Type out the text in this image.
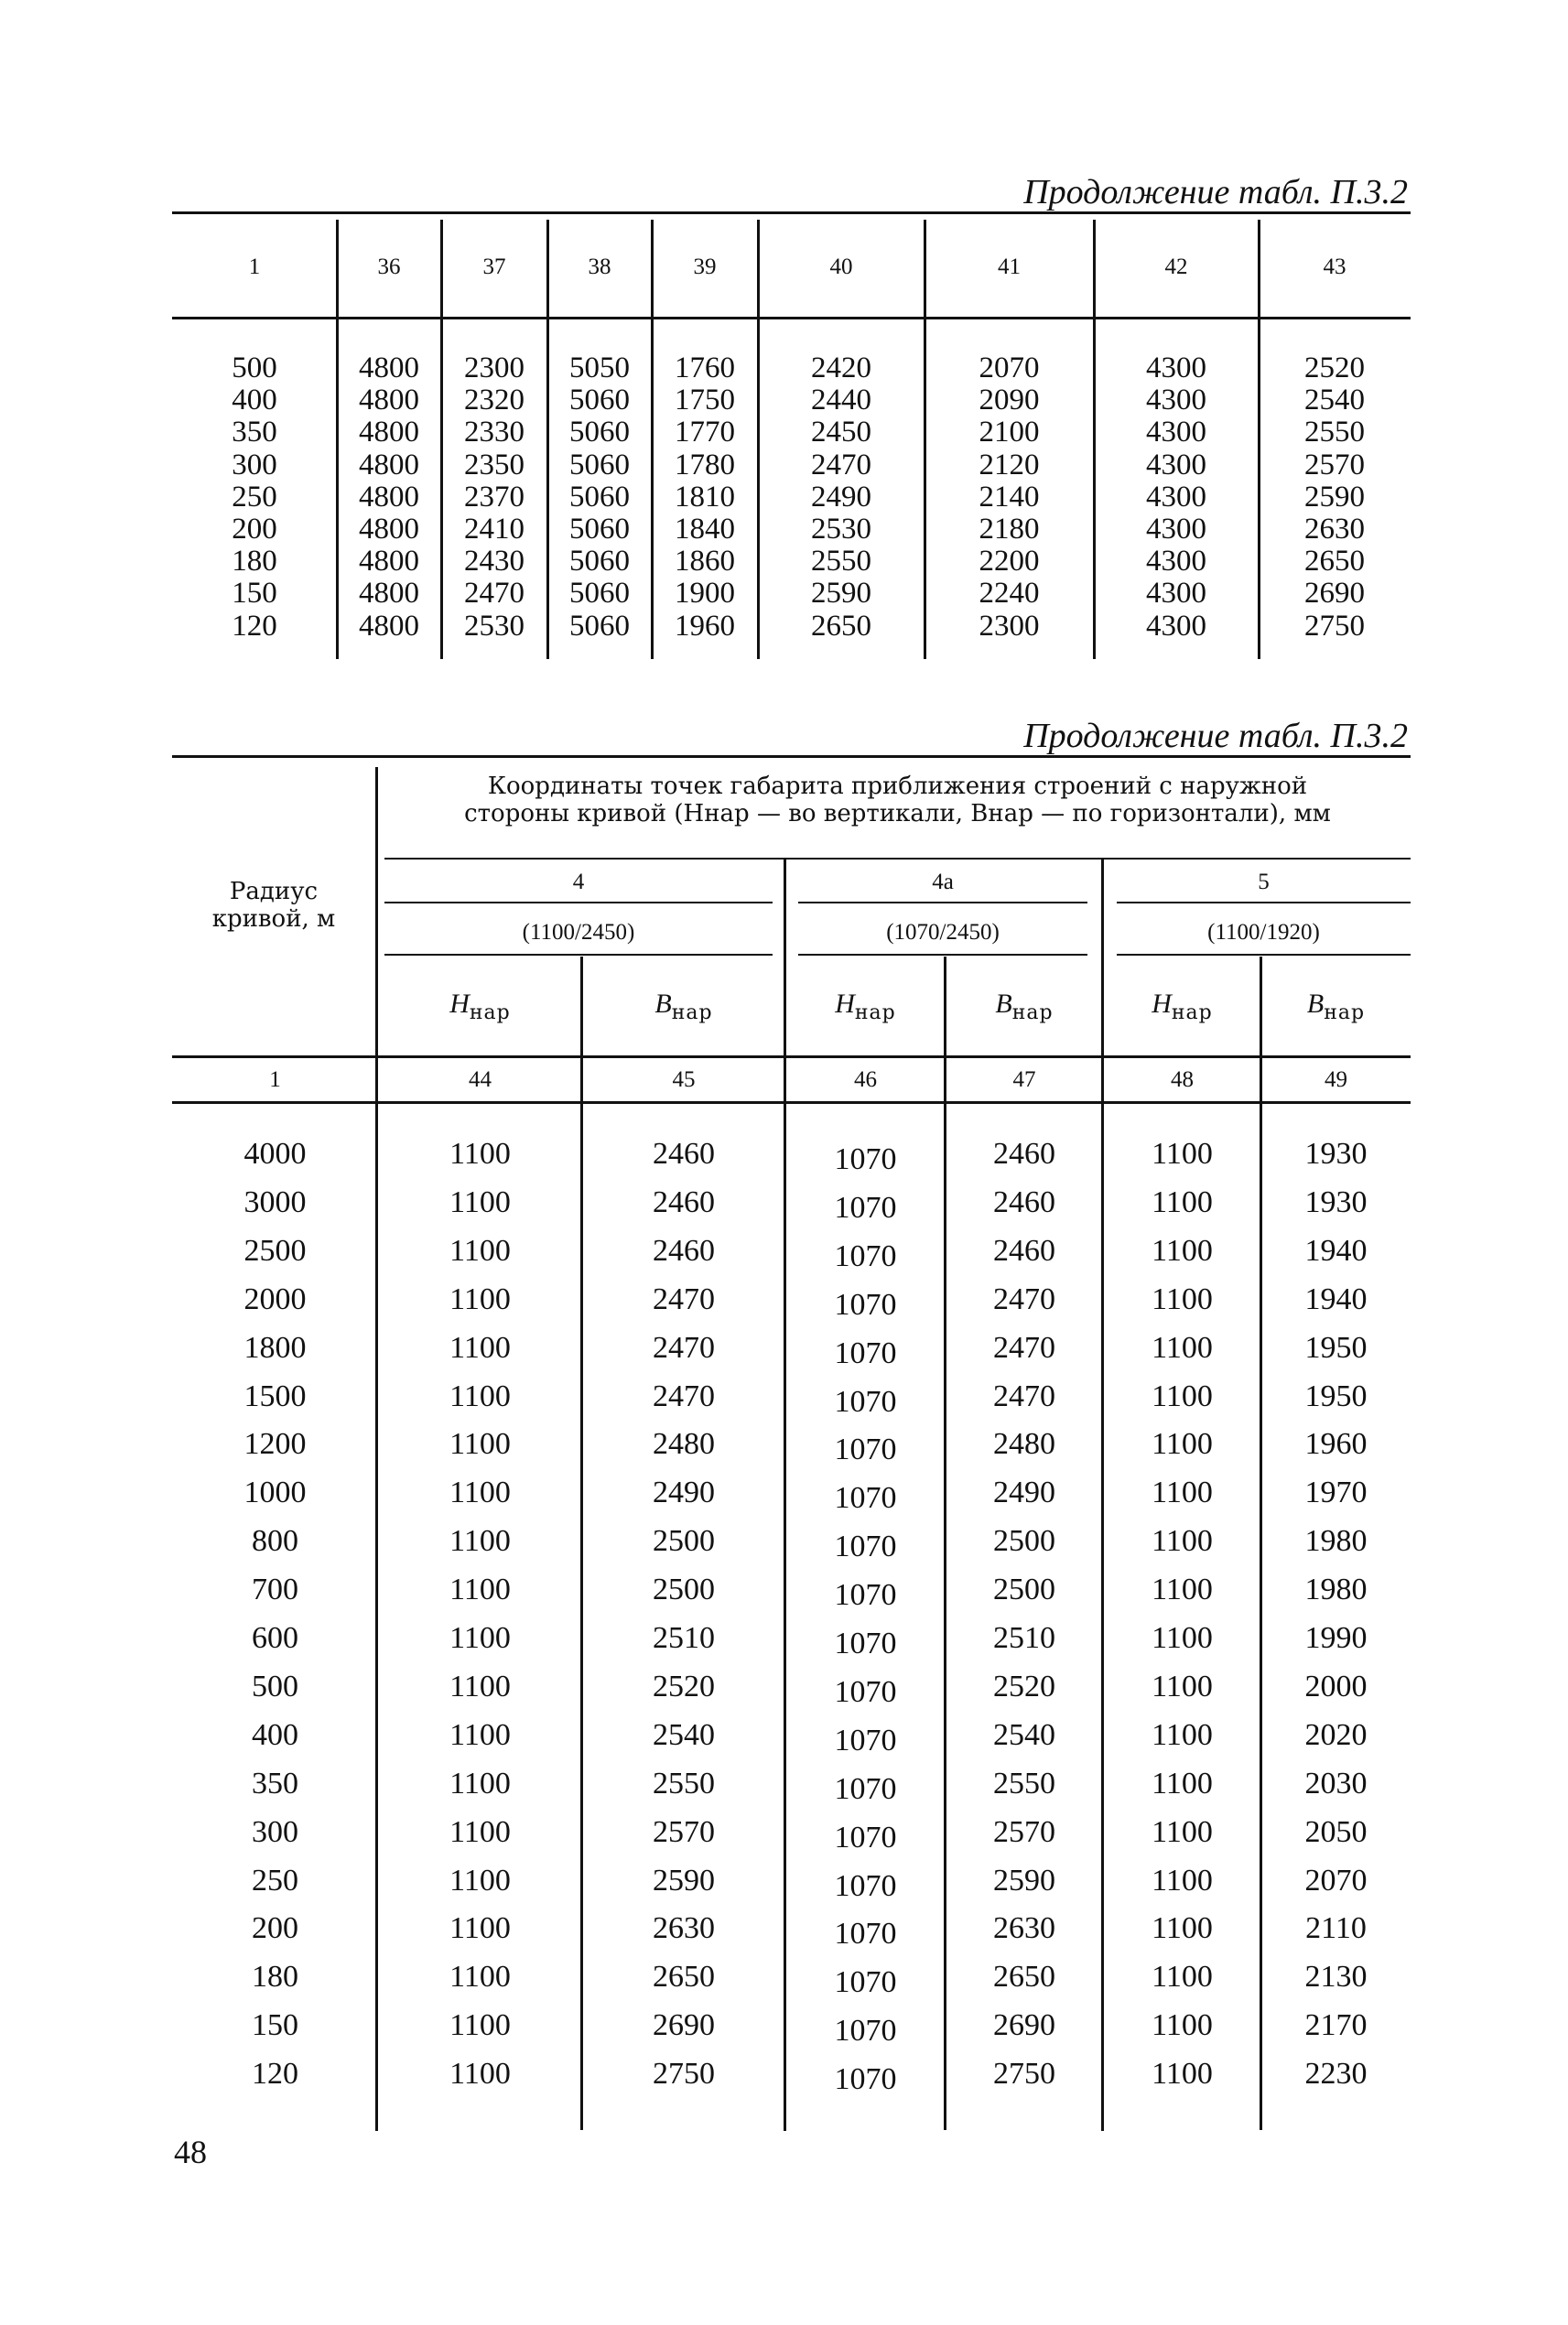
Продолжение табл. П.3.2
1	36	37	38	39	40	41	42	43
500	4800	2300	5050	1760	2420	2070	4300	2520
400	4800	2320	5060	1750	2440	2090	4300	2540
350	4800	2330	5060	1770	2450	2100	4300	2550
300	4800	2350	5060	1780	2470	2120	4300	2570
250	4800	2370	5060	1810	2490	2140	4300	2590
200	4800	2410	5060	1840	2530	2180	4300	2630
180	4800	2430	5060	1860	2550	2200	4300	2650
150	4800	2470	5060	1900	2590	2240	4300	2690
120	4800	2530	5060	1960	2650	2300	4300	2750
Продолжение табл. П.3.2
Координаты точек габарита приближения строений с наружной
стороны кривой (Hнар — во вертикали, Bнар — по горизонтали), мм
Радиус
кривой, м
4
(1100/2450)
4а
(1070/2450)
5
(1100/1920)
$H_{нар}$	$B_{нар}$	$H_{нар}$	$B_{нар}$	$H_{нар}$	$B_{нар}$
1	44	45	46	47	48	49
4000	1100	2460	1070	2460	1100	1930
3000	1100	2460	1070	2460	1100	1930
2500	1100	2460	1070	2460	1100	1940
2000	1100	2470	1070	2470	1100	1940
1800	1100	2470	1070	2470	1100	1950
1500	1100	2470	1070	2470	1100	1950
1200	1100	2480	1070	2480	1100	1960
1000	1100	2490	1070	2490	1100	1970
800	1100	2500	1070	2500	1100	1980
700	1100	2500	1070	2500	1100	1980
600	1100	2510	1070	2510	1100	1990
500	1100	2520	1070	2520	1100	2000
400	1100	2540	1070	2540	1100	2020
350	1100	2550	1070	2550	1100	2030
300	1100	2570	1070	2570	1100	2050
250	1100	2590	1070	2590	1100	2070
200	1100	2630	1070	2630	1100	2110
180	1100	2650	1070	2650	1100	2130
150	1100	2690	1070	2690	1100	2170
120	1100	2750	1070	2750	1100	2230
48
